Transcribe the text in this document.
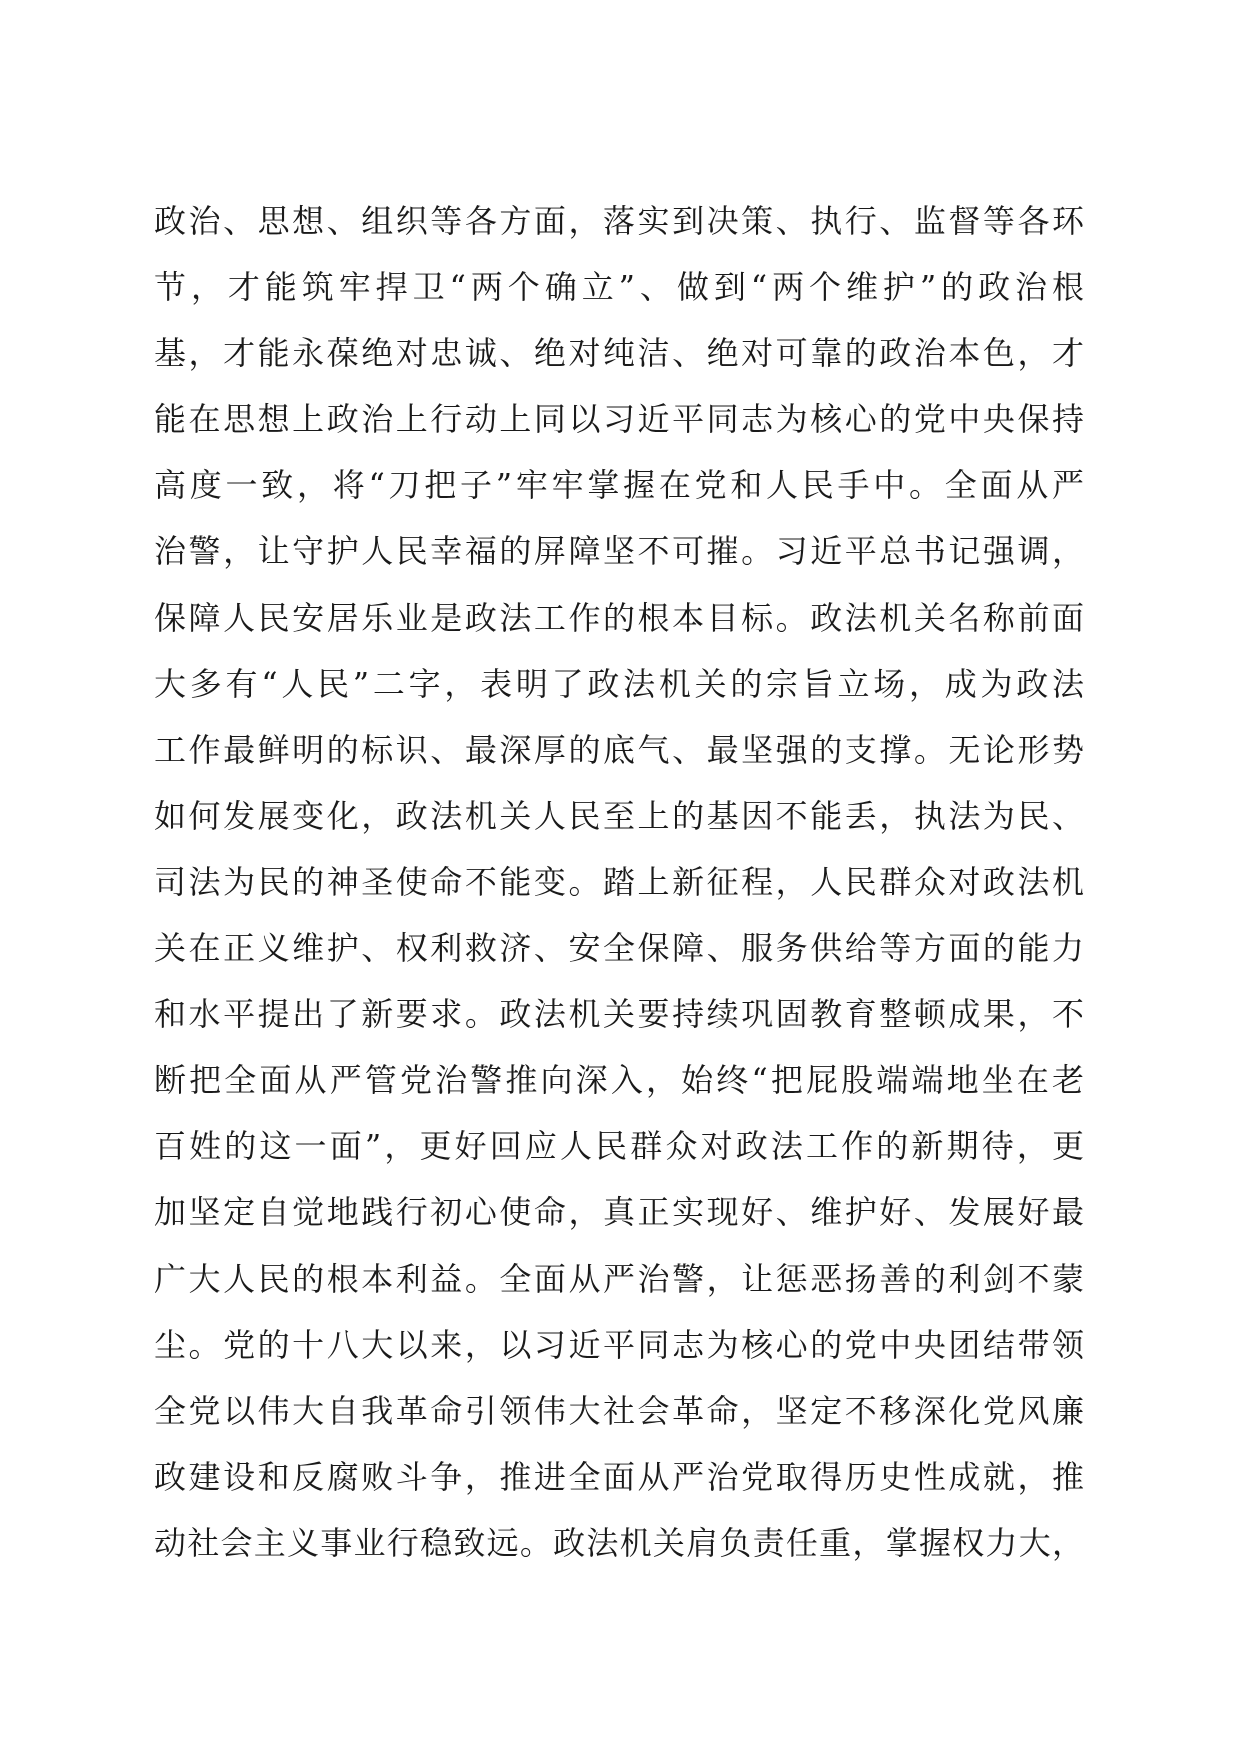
政治、思想、组织等各方面，落实到决策、执行、监督等各环
节，才能筑牢捍卫“两个确立”、做到“两个维护”的政治根
基，才能永葆绝对忠诚、绝对纯洁、绝对可靠的政治本色，才
能在思想上政治上行动上同以习近平同志为核心的党中央保持
高度一致，将“刀把子”牢牢掌握在党和人民手中。全面从严
治警，让守护人民幸福的屏障坚不可摧。习近平总书记强调，
保障人民安居乐业是政法工作的根本目标。政法机关名称前面
大多有“人民”二字，表明了政法机关的宗旨立场，成为政法
工作最鲜明的标识、最深厚的底气、最坚强的支撑。无论形势
如何发展变化，政法机关人民至上的基因不能丢，执法为民、
司法为民的神圣使命不能变。踏上新征程，人民群众对政法机
关在正义维护、权利救济、安全保障、服务供给等方面的能力
和水平提出了新要求。政法机关要持续巩固教育整顿成果，不
断把全面从严管党治警推向深入，始终“把屁股端端地坐在老
百姓的这一面”，更好回应人民群众对政法工作的新期待，更
加坚定自觉地践行初心使命，真正实现好、维护好、发展好最
广大人民的根本利益。全面从严治警，让惩恶扬善的利剑不蒙
尘。党的十八大以来，以习近平同志为核心的党中央团结带领
全党以伟大自我革命引领伟大社会革命，坚定不移深化党风廉
政建设和反腐败斗争，推进全面从严治党取得历史性成就，推
动社会主义事业行稳致远。政法机关肩负责任重，掌握权力大，
